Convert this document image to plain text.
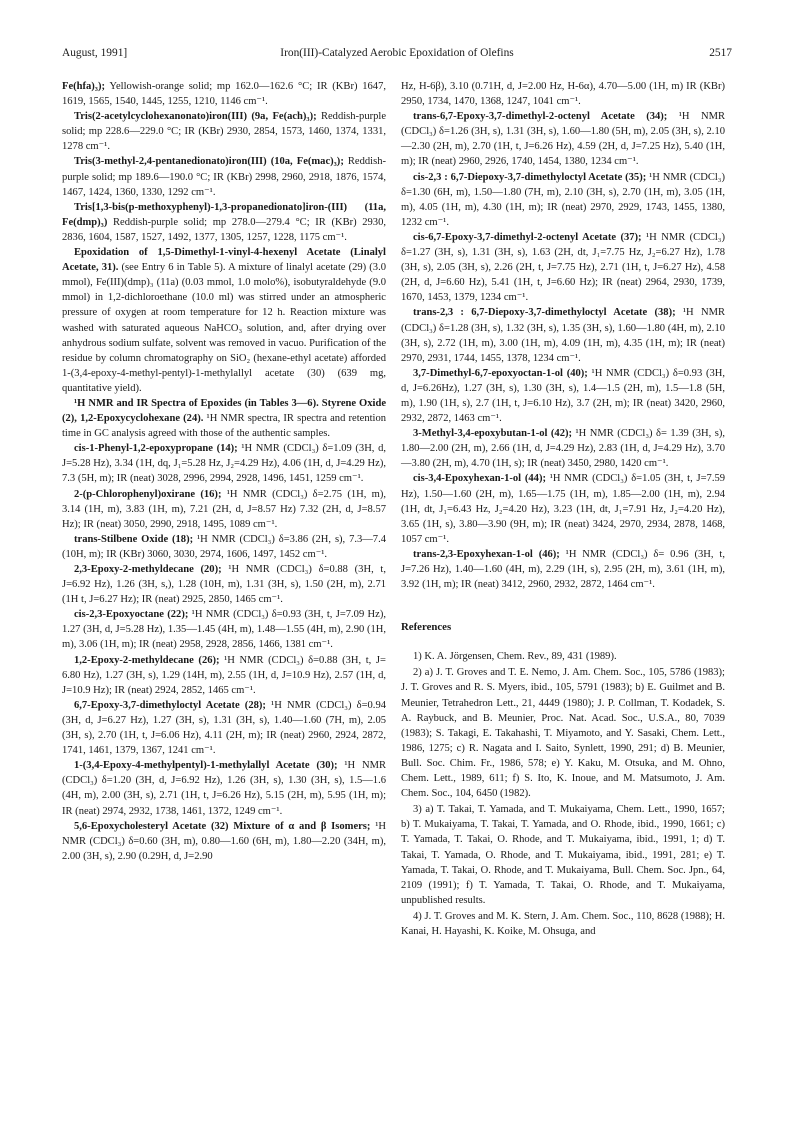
August, 1991]	Iron(III)-Catalyzed Aerobic Epoxidation of Olefins	2517

Fe(hfa)₃); Yellowish-orange solid; mp 162.0—162.6 °C; IR (KBr) 1647, 1619, 1565, 1540, 1445, 1255, 1210, 1146 cm⁻¹.

Tris(2-acetylcyclohexanonato)iron(III) (9a, Fe(ach)₃); Reddish-purple solid; mp 228.6—229.0 °C; IR (KBr) 2930, 2854, 1573, 1460, 1374, 1331, 1278 cm⁻¹.

Tris(3-methyl-2,4-pentanedionato)iron(III) (10a, Fe(mac)₃); Reddish-purple solid; mp 189.6—190.0 °C; IR (KBr) 2998, 2960, 2918, 1876, 1574, 1467, 1424, 1360, 1330, 1292 cm⁻¹.

Tris[1,3-bis(p-methoxyphenyl)-1,3-propanedionato]iron-(III) (11a, Fe(dmp)₃) Reddish-purple solid; mp 278.0—279.4 °C; IR (KBr) 2930, 2836, 1604, 1587, 1527, 1492, 1377, 1305, 1257, 1228, 1175 cm⁻¹.

Epoxidation of 1,5-Dimethyl-1-vinyl-4-hexenyl Acetate (Linalyl Acetate, 31). (see Entry 6 in Table 5). A mixture of linalyl acetate (29) (3.0 mmol), Fe(III)(dmp)₃ (11a) (0.03 mmol, 1.0 molo%), isobutyraldehyde (9.0 mmol) in 1,2-dichloroethane (10.0 ml) was stirred under an atmospheric pressure of oxygen at room temperature for 12 h. Reaction mixture was washed with saturated aqueous NaHCO₃ solution, and, after drying over anhydrous sodium sulfate, solvent was removed in vacuo. Purification of the residue by column chromatography on SiO₂ (hexane-ethyl acetate) afforded 1-(3,4-epoxy-4-methyl-pentyl)-1-methylallyl acetate (30) (639 mg, quantitative yield).

¹H NMR and IR Spectra of Epoxides (in Tables 3—6). Styrene Oxide (2), 1,2-Epoxycyclohexane (24). ¹H NMR spectra, IR spectra and retention time in GC analysis agreed with those of the authentic samples.

cis-1-Phenyl-1,2-epoxypropane (14); ¹H NMR (CDCl₃) δ=1.09 (3H, d, J=5.28 Hz), 3.34 (1H, dq, J₁=5.28 Hz, J₂=4.29 Hz), 4.06 (1H, d, J=4.29 Hz), 7.3 (5H, m); IR (neat) 3028, 2996, 2994, 2928, 1496, 1451, 1259 cm⁻¹.

2-(p-Chlorophenyl)oxirane (16); ¹H NMR (CDCl₃) δ=2.75 (1H, m), 3.14 (1H, m), 3.83 (1H, m), 7.21 (2H, d, J=8.57 Hz) 7.32 (2H, d, J=8.57 Hz); IR (neat) 3050, 2990, 2918, 1495, 1089 cm⁻¹.

trans-Stilbene Oxide (18); ¹H NMR (CDCl₃) δ=3.86 (2H, s), 7.3—7.4 (10H, m); IR (KBr) 3060, 3030, 2974, 1606, 1497, 1452 cm⁻¹.

2,3-Epoxy-2-methyldecane (20); ¹H NMR (CDCl₃) δ=0.88 (3H, t, J=6.92 Hz), 1.26 (3H, s,), 1.28 (10H, m), 1.31 (3H, s), 1.50 (2H, m), 2.71 (1H t, J=6.27 Hz); IR (neat) 2925, 2850, 1465 cm⁻¹.

cis-2,3-Epoxyoctane (22); ¹H NMR (CDCl₃) δ=0.93 (3H, t, J=7.09 Hz), 1.27 (3H, d, J=5.28 Hz), 1.35—1.45 (4H, m), 1.48—1.55 (4H, m), 2.90 (1H, m), 3.06 (1H, m); IR (neat) 2958, 2928, 2856, 1466, 1381 cm⁻¹.

1,2-Epoxy-2-methyldecane (26); ¹H NMR (CDCl₃) δ=0.88 (3H, t, J= 6.80 Hz), 1.27 (3H, s), 1.29 (14H, m), 2.55 (1H, d, J=10.9 Hz), 2.57 (1H, d, J=10.9 Hz); IR (neat) 2924, 2852, 1465 cm⁻¹.

6,7-Epoxy-3,7-dimethyloctyl Acetate (28); ¹H NMR (CDCl₃) δ=0.94 (3H, d, J=6.27 Hz), 1.27 (3H, s), 1.31 (3H, s), 1.40—1.60 (7H, m), 2.05 (3H, s), 2.70 (1H, t, J=6.06 Hz), 4.11 (2H, m); IR (neat) 2960, 2924, 2872, 1741, 1461, 1379, 1367, 1241 cm⁻¹.

1-(3,4-Epoxy-4-methylpentyl)-1-methylallyl Acetate (30); ¹H NMR (CDCl₃) δ=1.20 (3H, d, J=6.92 Hz), 1.26 (3H, s), 1.30 (3H, s), 1.5—1.6 (4H, m), 2.00 (3H, s), 2.71 (1H, t, J=6.26 Hz), 5.15 (2H, m), 5.95 (1H, m); IR (neat) 2974, 2932, 1738, 1461, 1372, 1249 cm⁻¹.

5,6-Epoxycholesteryl Acetate (32) Mixture of α and β Isomers; ¹H NMR (CDCl₃) δ=0.60 (3H, m), 0.80—1.60 (6H, m), 1.80—2.20 (34H, m), 2.00 (3H, s), 2.90 (0.29H, d, J=2.90

Hz, H-6β), 3.10 (0.71H, d, J=2.00 Hz, H-6α), 4.70—5.00 (1H, m) IR (KBr) 2950, 1734, 1470, 1368, 1247, 1041 cm⁻¹.

trans-6,7-Epoxy-3,7-dimethyl-2-octenyl Acetate (34); ¹H NMR (CDCl₃) δ=1.26 (3H, s), 1.31 (3H, s), 1.60—1.80 (5H, m), 2.05 (3H, s), 2.10—2.30 (2H, m), 2.70 (1H, t, J=6.26 Hz), 4.59 (2H, d, J=7.25 Hz), 5.40 (1H, m); IR (neat) 2960, 2926, 1740, 1454, 1380, 1234 cm⁻¹.

cis-2,3 : 6,7-Diepoxy-3,7-dimethyloctyl Acetate (35); ¹H NMR (CDCl₃) δ=1.30 (6H, m), 1.50—1.80 (7H, m), 2.10 (3H, s), 2.70 (1H, m), 3.05 (1H, m), 4.05 (1H, m), 4.30 (1H, m); IR (neat) 2970, 2929, 1743, 1455, 1380, 1232 cm⁻¹.

cis-6,7-Epoxy-3,7-dimethyl-2-octenyl Acetate (37); ¹H NMR (CDCl₃) δ=1.27 (3H, s), 1.31 (3H, s), 1.63 (2H, dt, J₁=7.75 Hz, J₂=6.27 Hz), 1.78 (3H, s), 2.05 (3H, s), 2.26 (2H, t, J=7.75 Hz), 2.71 (1H, t, J=6.27 Hz), 4.58 (2H, d, J=6.60 Hz), 5.41 (1H, t, J=6.60 Hz); IR (neat) 2964, 2930, 1739, 1670, 1453, 1379, 1234 cm⁻¹.

trans-2,3 : 6,7-Diepoxy-3,7-dimethyloctyl Acetate (38); ¹H NMR (CDCl₃) δ=1.28 (3H, s), 1.32 (3H, s), 1.35 (3H, s), 1.60—1.80 (4H, m), 2.10 (3H, s), 2.72 (1H, m), 3.00 (1H, m), 4.09 (1H, m), 4.35 (1H, m); IR (neat) 2970, 2931, 1744, 1455, 1378, 1234 cm⁻¹.

3,7-Dimethyl-6,7-epoxyoctan-1-ol (40); ¹H NMR (CDCl₃) δ=0.93 (3H, d, J=6.26Hz), 1.27 (3H, s), 1.30 (3H, s), 1.4—1.5 (2H, m), 1.5—1.8 (5H, m), 1.90 (1H, s), 2.7 (1H, t, J=6.10 Hz), 3.7 (2H, m); IR (neat) 3420, 2960, 2932, 2872, 1463 cm⁻¹.

3-Methyl-3,4-epoxybutan-1-ol (42); ¹H NMR (CDCl₃) δ= 1.39 (3H, s), 1.80—2.00 (2H, m), 2.66 (1H, d, J=4.29 Hz), 2.83 (1H, d, J=4.29 Hz), 3.70—3.80 (2H, m), 4.70 (1H, s); IR (neat) 3450, 2980, 1420 cm⁻¹.

cis-3,4-Epoxyhexan-1-ol (44); ¹H NMR (CDCl₃) δ=1.05 (3H, t, J=7.59 Hz), 1.50—1.60 (2H, m), 1.65—1.75 (1H, m), 1.85—2.00 (1H, m), 2.94 (1H, dt, J₁=6.43 Hz, J₂=4.20 Hz), 3.23 (1H, dt, J₁=7.91 Hz, J₂=4.20 Hz), 3.65 (1H, s), 3.80—3.90 (9H, m); IR (neat) 3424, 2970, 2934, 2878, 1468, 1057 cm⁻¹.

trans-2,3-Epoxyhexan-1-ol (46); ¹H NMR (CDCl₃) δ= 0.96 (3H, t, J=7.26 Hz), 1.40—1.60 (4H, m), 2.29 (1H, s), 2.95 (2H, m), 3.61 (1H, m), 3.92 (1H, m); IR (neat) 3412, 2960, 2932, 2872, 1464 cm⁻¹.

References

1) K. A. Jörgensen, Chem. Rev., 89, 431 (1989).

2) a) J. T. Groves and T. E. Nemo, J. Am. Chem. Soc., 105, 5786 (1983); J. T. Groves and R. S. Myers, ibid., 105, 5791 (1983); b) E. Guilmet and B. Meunier, Tetrahedron Lett., 21, 4449 (1980); J. P. Collman, T. Kodadek, S. A. Raybuck, and B. Meunier, Proc. Nat. Acad. Soc., U.S.A., 80, 7039 (1983); S. Takagi, E. Takahashi, T. Miyamoto, and Y. Sasaki, Chem. Lett., 1986, 1275; c) R. Nagata and I. Saito, Synlett, 1990, 291; d) B. Meunier, Bull. Soc. Chim. Fr., 1986, 578; e) Y. Kaku, M. Otsuka, and M. Ohno, Chem. Lett., 1989, 611; f) S. Ito, K. Inoue, and M. Matsumoto, J. Am. Chem. Soc., 104, 6450 (1982).

3) a) T. Takai, T. Yamada, and T. Mukaiyama, Chem. Lett., 1990, 1657; b) T. Mukaiyama, T. Takai, T. Yamada, and O. Rhode, ibid., 1990, 1661; c) T. Yamada, T. Takai, O. Rhode, and T. Mukaiyama, ibid., 1991, 1; d) T. Takai, T. Yamada, O. Rhode, and T. Mukaiyama, ibid., 1991, 281; e) T. Yamada, T. Takai, O. Rhode, and T. Mukaiyama, Bull. Chem. Soc. Jpn., 64, 2109 (1991); f) T. Yamada, T. Takai, O. Rhode, and T. Mukaiyama, unpublished results.

4) J. T. Groves and M. K. Stern, J. Am. Chem. Soc., 110, 8628 (1988); H. Kanai, H. Hayashi, K. Koike, M. Ohsuga, and
